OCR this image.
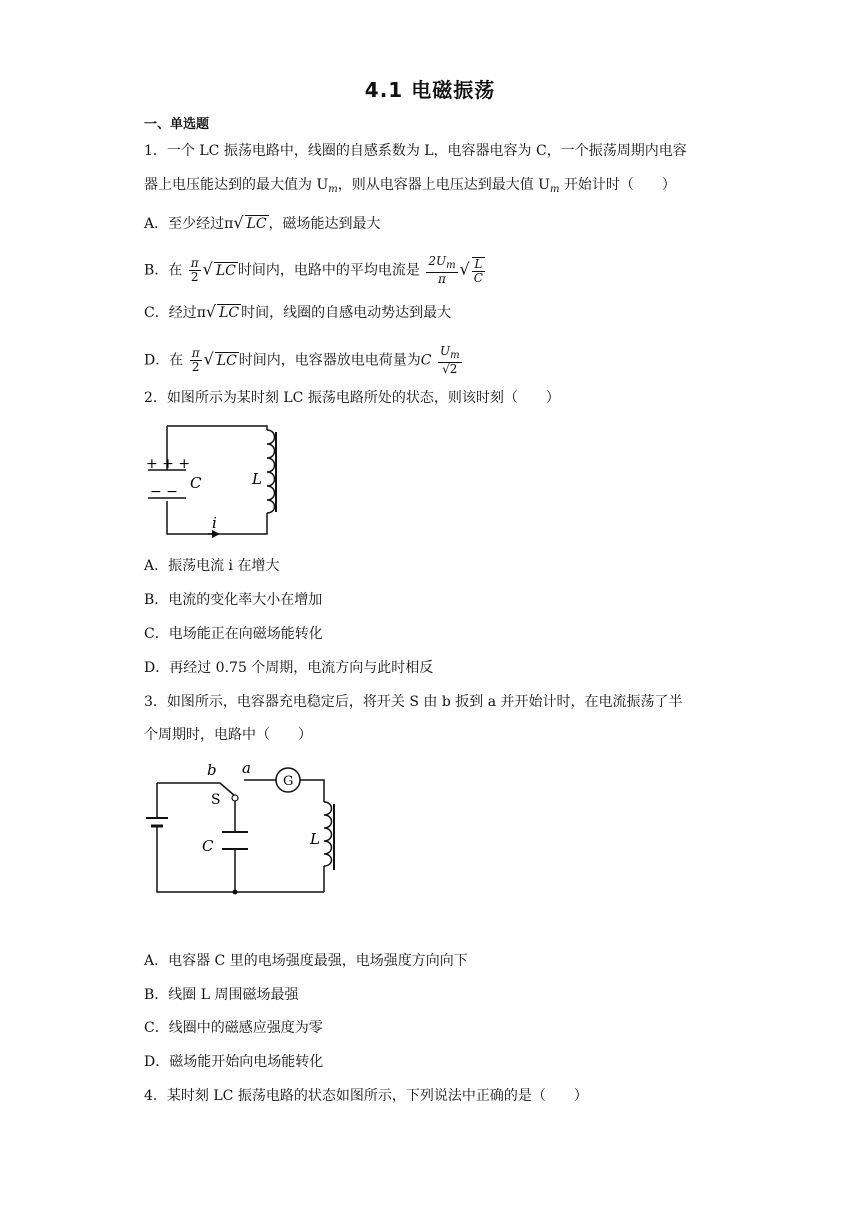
4.1 电磁振荡
一、单选题
1．一个 LC 振荡电路中，线圈的自感系数为 L，电容器电容为 C，一个振荡周期内电容
器上电压能达到的最大值为 $U_m$，则从电容器上电压达到最大值 $U_m$ 开始计时（　　）
A．至少经过π√ LC ，磁场能达到最大
B．在 $\frac{\pi}{2}$ √ LC 时间内，电路中的平均电流是 $\frac{2U_m}{\pi}$ √ $\frac{L}{C}$
C．经过π√ LC 时间，线圈的自感电动势达到最大
D．在 $\frac{\pi}{2}$ √ LC 时间内，电容器放电电荷量为C $\frac{U_m}{√2}$
2．如图所示为某时刻 LC 振荡电路所处的状态，则该时刻（　　）
+ + +
− − C	L
i
A．振荡电流 i 在增大
B．电流的变化率大小在增加
C．电场能正在向磁场能转化
D．再经过 0.75 个周期，电流方向与此时相反
3．如图所示，电容器充电稳定后，将开关 S 由 b 扳到 a 并开始计时，在电流振荡了半
个周期时，电路中（　　）
b a
S
G
C	L
A．电容器 C 里的电场强度最强，电场强度方向向下
B．线圈 L 周围磁场最强
C．线圈中的磁感应强度为零
D．磁场能开始向电场能转化
4．某时刻 LC 振荡电路的状态如图所示，下列说法中正确的是（　　）
